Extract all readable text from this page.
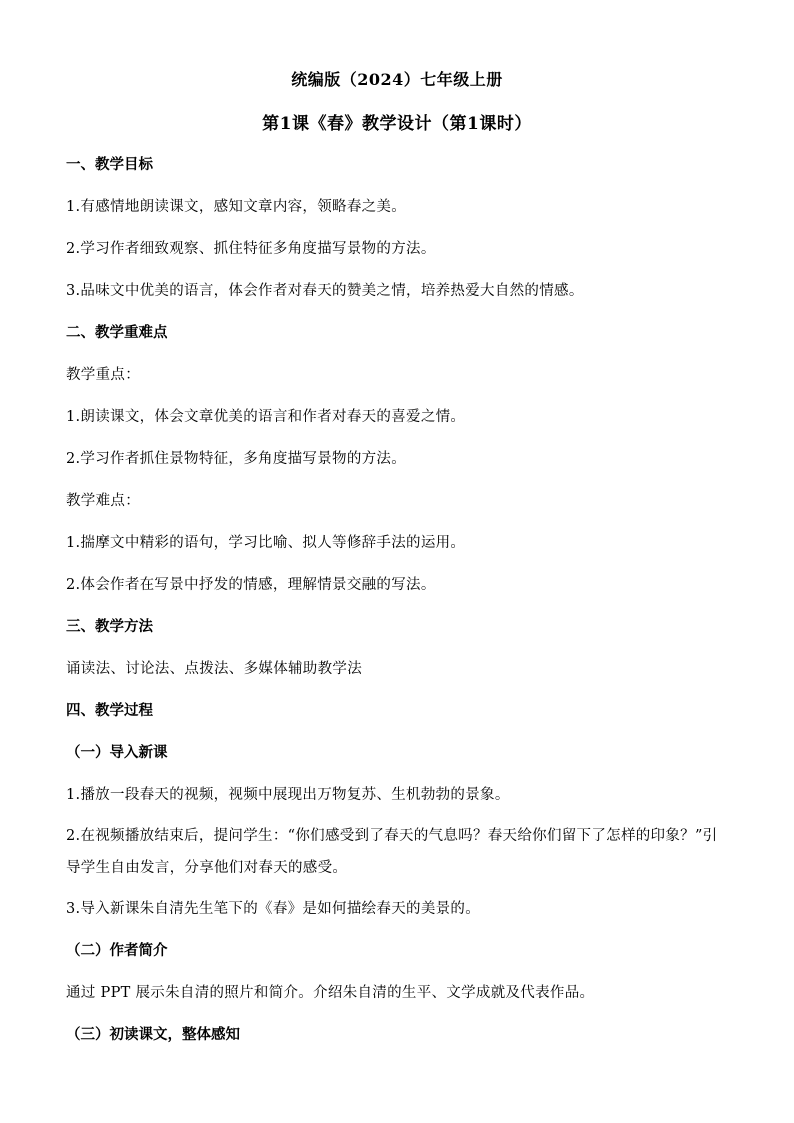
统编版（2024）七年级上册

第1课《春》教学设计（第1课时）

一、教学目标

1.有感情地朗读课文，感知文章内容，领略春之美。

2.学习作者细致观察、抓住特征多角度描写景物的方法。

3.品味文中优美的语言，体会作者对春天的赞美之情，培养热爱大自然的情感。

二、教学重难点

教学重点：

1.朗读课文，体会文章优美的语言和作者对春天的喜爱之情。

2.学习作者抓住景物特征，多角度描写景物的方法。

教学难点：

1.揣摩文中精彩的语句，学习比喻、拟人等修辞手法的运用。

2.体会作者在写景中抒发的情感，理解情景交融的写法。

三、教学方法

诵读法、讨论法、点拨法、多媒体辅助教学法

四、教学过程

（一）导入新课

1.播放一段春天的视频，视频中展现出万物复苏、生机勃勃的景象。

2.在视频播放结束后，提问学生：“你们感受到了春天的气息吗？春天给你们留下了怎样的印象？”引导学生自由发言，分享他们对春天的感受。

3.导入新课朱自清先生笔下的《春》是如何描绘春天的美景的。

（二）作者简介

通过 PPT 展示朱自清的照片和简介。介绍朱自清的生平、文学成就及代表作品。

（三）初读课文，整体感知
